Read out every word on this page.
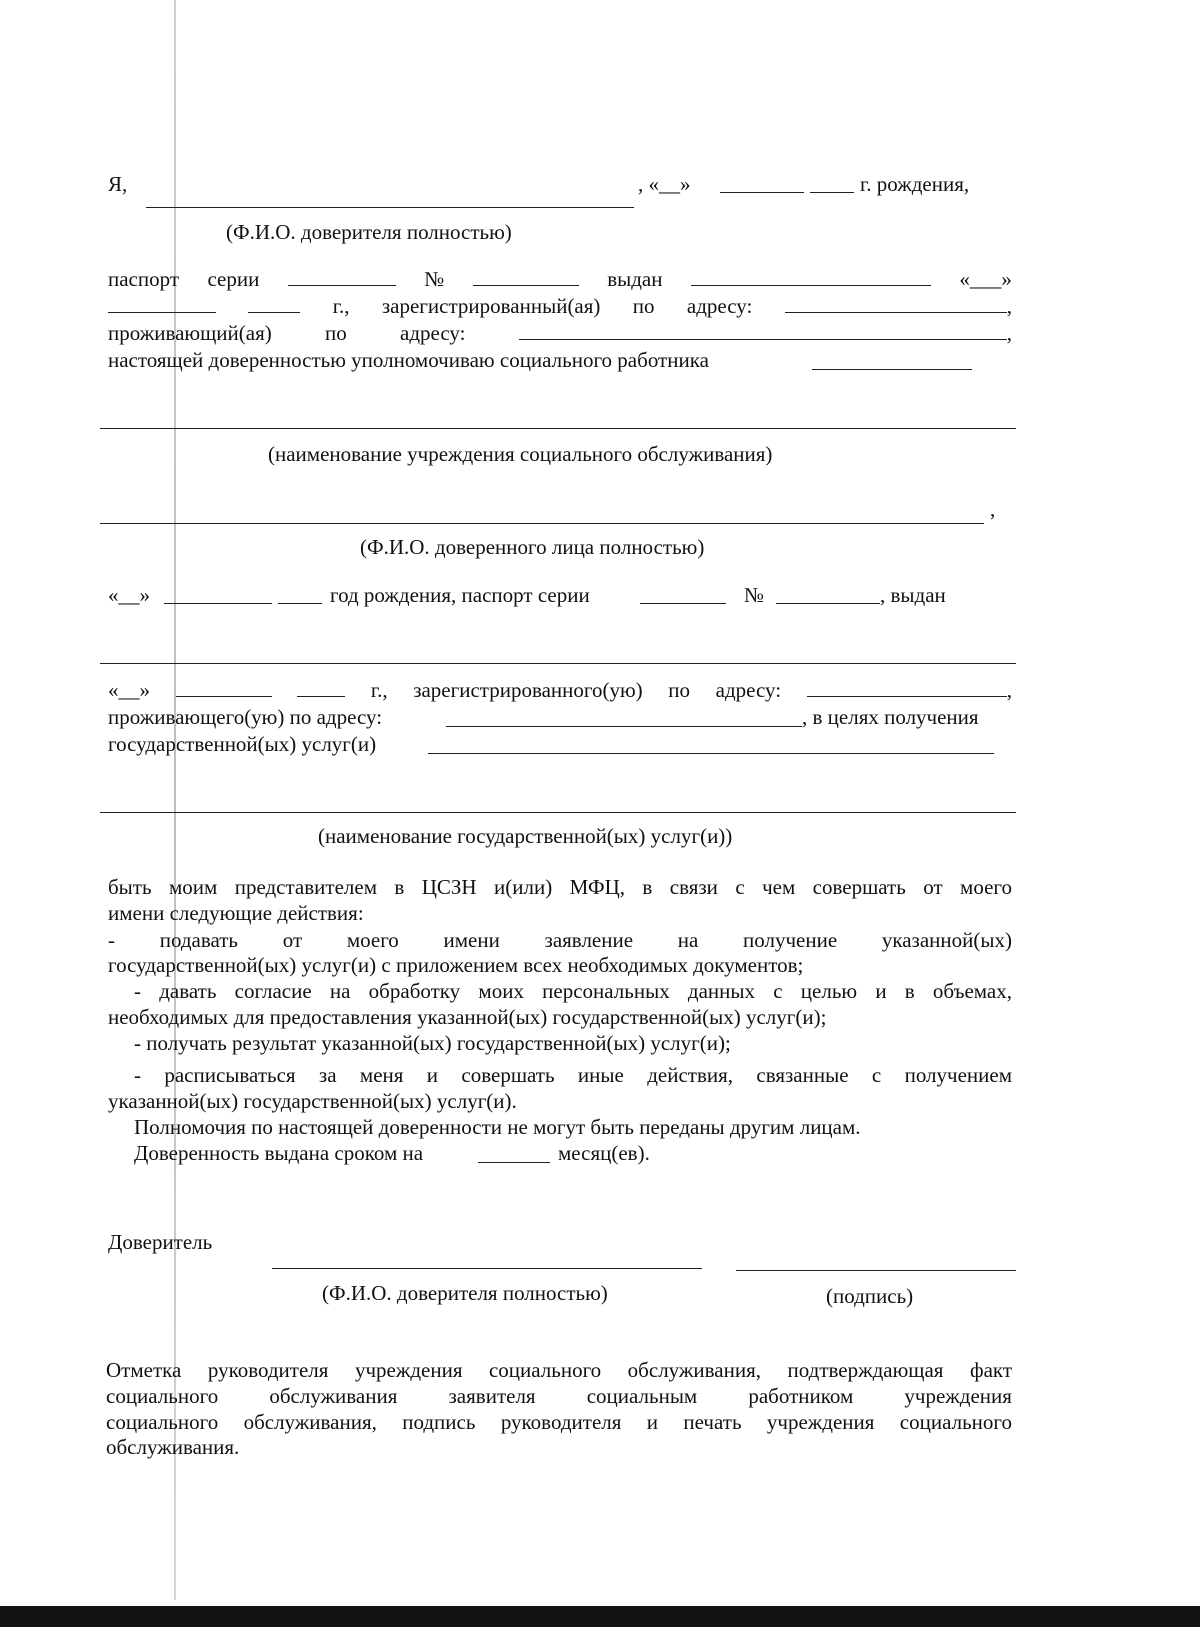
Я,	, «__»	г. рождения,
(Ф.И.О. доверителя полностью)
паспорт серии	№	выдан	«___»
г., зарегистрированный(ая) по адресу:	,
проживающий(ая)	по	адресу:	,
настоящей доверенностью уполномочиваю социального работника
(наименование учреждения социального обслуживания)
,
(Ф.И.О. доверенного лица полностью)
«__»	год рождения, паспорт серии	№	, выдан
«__»	г., зарегистрированного(ую) по адресу:	,
проживающего(ую) по адресу:	, в целях получения
государственной(ых) услуг(и)
(наименование государственной(ых) услуг(и))
быть моим представителем в ЦСЗН и(или) МФЦ, в связи с чем совершать от моего
имени следующие действия:
- подавать от моего имени заявление на получение указанной(ых)
государственной(ых) услуг(и) с приложением всех необходимых документов;
- давать согласие на обработку моих персональных данных с целью и в объемах,
необходимых для предоставления указанной(ых) государственной(ых) услуг(и);
- получать результат указанной(ых) государственной(ых) услуг(и);
- расписываться за меня и совершать иные действия, связанные с получением
указанной(ых) государственной(ых) услуг(и).
Полномочия по настоящей доверенности не могут быть переданы другим лицам.
Доверенность выдана сроком на	месяц(ев).
Доверитель
(Ф.И.О. доверителя полностью)	(подпись)
Отметка руководителя учреждения социального обслуживания, подтверждающая факт
социального обслуживания заявителя социальным работником учреждения
социального обслуживания, подпись руководителя и печать учреждения социального
обслуживания.
